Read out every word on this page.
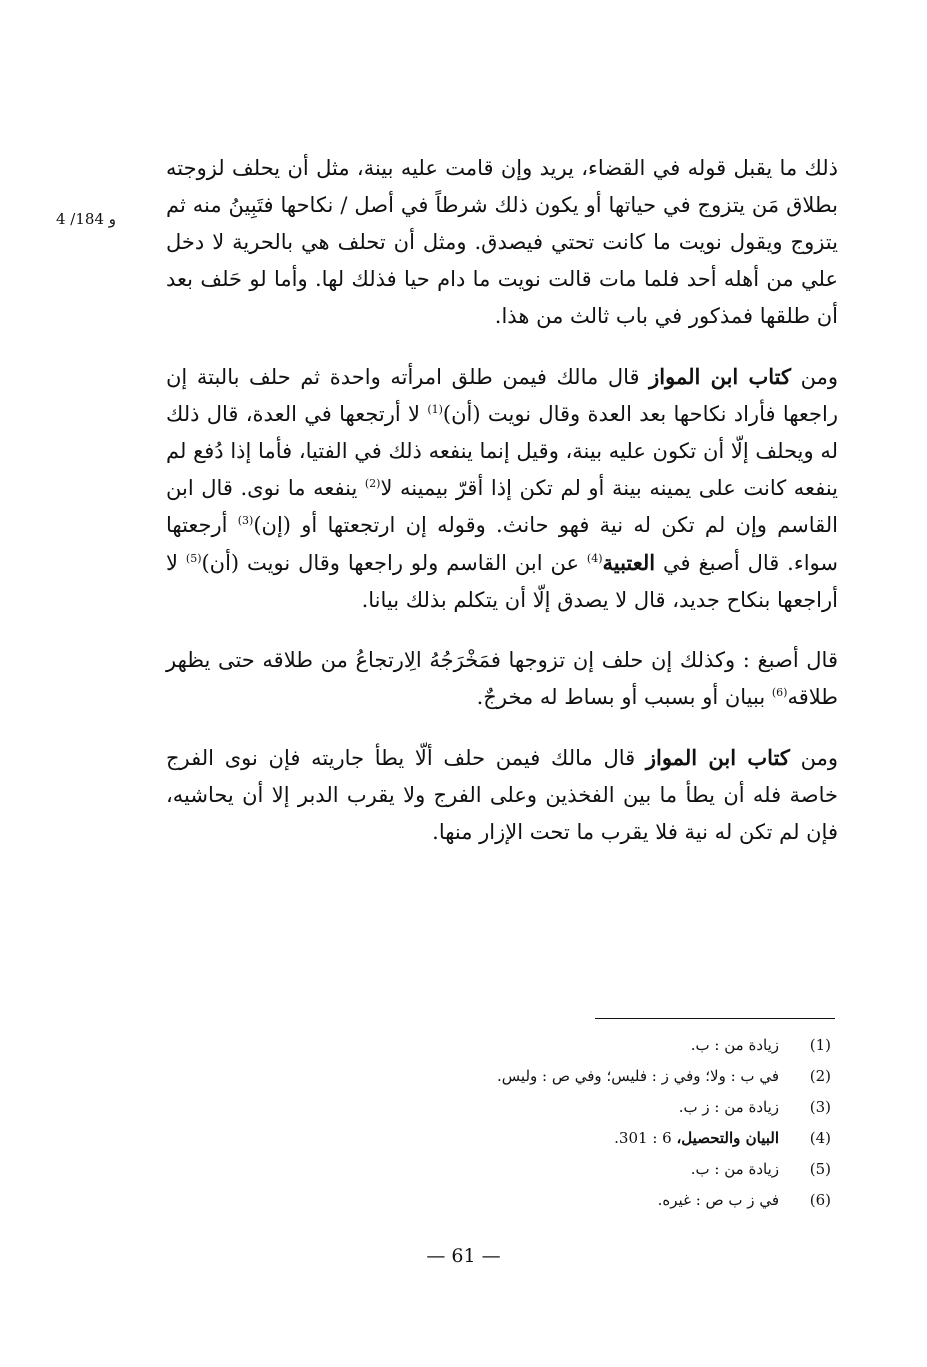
4 /184 و

ذلك ما يقبل قوله في القضاء، يريد وإن قامت عليه بينة، مثل أن يحلف لزوجته بطلاق مَن يتزوج في حياتها أو يكون ذلك شرطاً في أصل / نكاحها فتَبِينُ منه ثم يتزوج ويقول نويت ما كانت تحتي فيصدق. ومثل أن تحلف هي بالحرية لا دخل علي من أهله أحد فلما مات قالت نويت ما دام حيا فذلك لها. وأما لو حَلف بعد أن طلقها فمذكور في باب ثالث من هذا.

ومن كتاب ابن المواز قال مالك فيمن طلق امرأته واحدة ثم حلف بالبتة إن راجعها فأراد نكاحها بعد العدة وقال نويت (أن)$^{(1)}$ لا أرتجعها في العدة، قال ذلك له ويحلف إلّا أن تكون عليه بينة، وقيل إنما ينفعه ذلك في الفتيا، فأما إذا دُفع لم ينفعه كانت على يمينه بينة أو لم تكن إذا أقرّ بيمينه لا$^{(2)}$ ينفعه ما نوى. قال ابن القاسم وإن لم تكن له نية فهو حانث. وقوله إن ارتجعتها أو (إن)$^{(3)}$ أرجعتها سواء. قال أصبغ في العتبية$^{(4)}$ عن ابن القاسم ولو راجعها وقال نويت (أن)$^{(5)}$ لا أراجعها بنكاح جديد، قال لا يصدق إلّا أن يتكلم بذلك بيانا.

قال أصبغ : وكذلك إن حلف إن تزوجها فمَخْرَجُهُ الِارتجاعُ من طلاقه حتى يظهر طلاقه$^{(6)}$ ببيان أو بسبب أو بساط له مخرجٌ.

ومن كتاب ابن المواز قال مالك فيمن حلف ألّا يطأ جاريته فإن نوى الفرج خاصة فله أن يطأ ما بين الفخذين وعلى الفرج ولا يقرب الدبر إلا أن يحاشيه، فإن لم تكن له نية فلا يقرب ما تحت الإزار منها.

(1)زيادة من : ب.
(2)في ب : ولا؛ وفي ز : فليس؛ وفي ص : وليس.
(3)زيادة من : ز ب.
(4)البيان والتحصيل، 6 : 301.
(5)زيادة من : ب.
(6)في ز ب ص : غيره.
— 61 —
